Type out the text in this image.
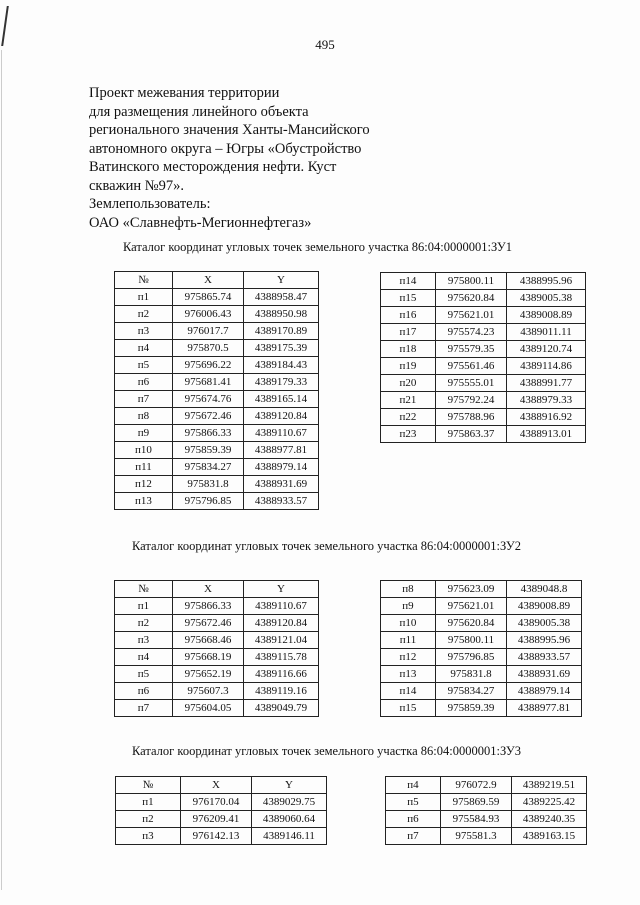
495
Проект межевания территории
для размещения линейного объекта
регионального значения Ханты-Мансийского
автономного округа – Югры «Обустройство
Ватинского месторождения нефти. Куст
скважин №97».
Землепользователь:
ОАО «Славнефть-Мегионнефтегаз»
Каталог координат угловых точек земельного участка 86:04:0000001:ЗУ1
№	X	Y
п1	975865.74	4388958.47
п2	976006.43	4388950.98
п3	976017.7	4389170.89
п4	975870.5	4389175.39
п5	975696.22	4389184.43
п6	975681.41	4389179.33
п7	975674.76	4389165.14
п8	975672.46	4389120.84
п9	975866.33	4389110.67
п10	975859.39	4388977.81
п11	975834.27	4388979.14
п12	975831.8	4388931.69
п13	975796.85	4388933.57
п14	975800.11	4388995.96
п15	975620.84	4389005.38
п16	975621.01	4389008.89
п17	975574.23	4389011.11
п18	975579.35	4389120.74
п19	975561.46	4389114.86
п20	975555.01	4388991.77
п21	975792.24	4388979.33
п22	975788.96	4388916.92
п23	975863.37	4388913.01
Каталог координат угловых точек земельного участка 86:04:0000001:ЗУ2
№	X	Y
п1	975866.33	4389110.67
п2	975672.46	4389120.84
п3	975668.46	4389121.04
п4	975668.19	4389115.78
п5	975652.19	4389116.66
п6	975607.3	4389119.16
п7	975604.05	4389049.79
п8	975623.09	4389048.8
п9	975621.01	4389008.89
п10	975620.84	4389005.38
п11	975800.11	4388995.96
п12	975796.85	4388933.57
п13	975831.8	4388931.69
п14	975834.27	4388979.14
п15	975859.39	4388977.81
Каталог координат угловых точек земельного участка 86:04:0000001:ЗУ3
№	X	Y
п1	976170.04	4389029.75
п2	976209.41	4389060.64
п3	976142.13	4389146.11
п4	976072.9	4389219.51
п5	975869.59	4389225.42
п6	975584.93	4389240.35
п7	975581.3	4389163.15
